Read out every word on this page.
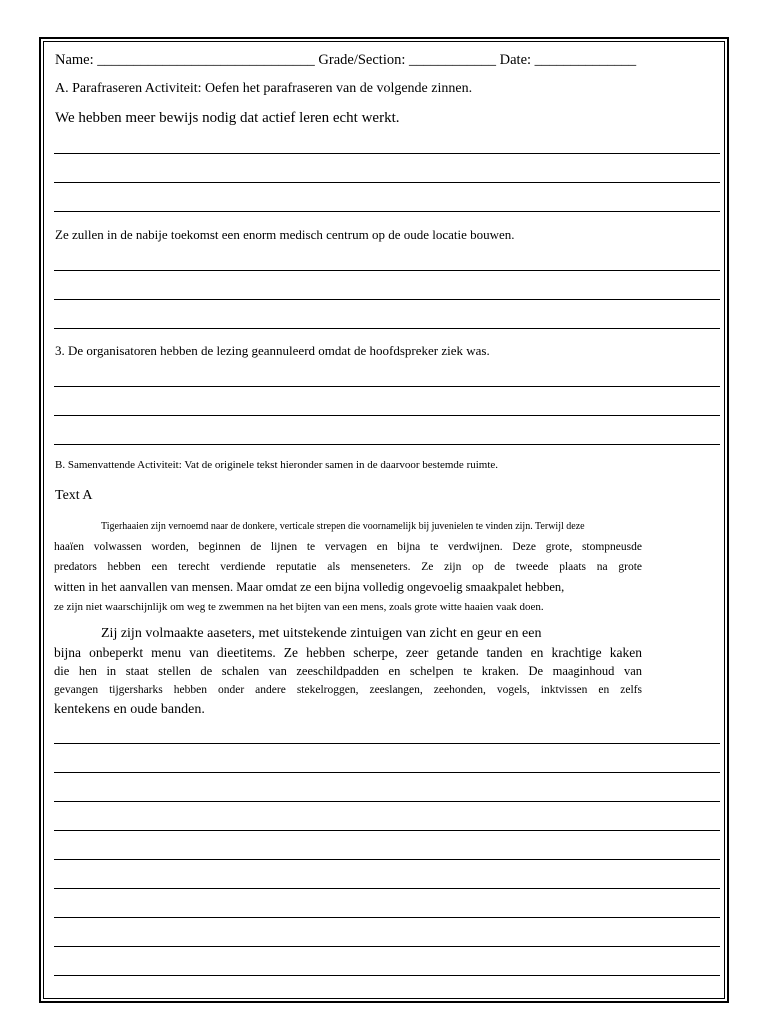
Name: ______________________________ Grade/Section: ____________ Date: ______________
A. Parafraseren Activiteit: Oefen het parafraseren van de volgende zinnen.
We hebben meer bewijs nodig dat actief leren echt werkt.
Ze zullen in de nabije toekomst een enorm medisch centrum op de oude locatie bouwen.
3. De organisatoren hebben de lezing geannuleerd omdat de hoofdspreker ziek was.
B. Samenvattende Activiteit: Vat de originele tekst hieronder samen in de daarvoor bestemde ruimte.
Text A
Tigerhaaien zijn vernoemd naar de donkere, verticale strepen die voornamelijk bij juvenielen te vinden zijn. Terwijl deze
haaïen volwassen worden, beginnen de lijnen te vervagen en bijna te verdwijnen. Deze grote, stompneusde
predators hebben een terecht verdiende reputatie als menseneters. Ze zijn op de tweede plaats na grote
witten in het aanvallen van mensen. Maar omdat ze een bijna volledig ongevoelig smaakpalet hebben,
ze zijn niet waarschijnlijk om weg te zwemmen na het bijten van een mens, zoals grote witte haaien vaak doen.
Zij zijn volmaakte aaseters, met uitstekende zintuigen van zicht en geur en een
bijna onbeperkt menu van dieetitems. Ze hebben scherpe, zeer getande tanden en krachtige kaken
die hen in staat stellen de schalen van zeeschildpadden en schelpen te kraken. De maaginhoud van
gevangen tijgersharks hebben onder andere stekelroggen, zeeslangen, zeehonden, vogels, inktvissen en zelfs
kentekens en oude banden.
